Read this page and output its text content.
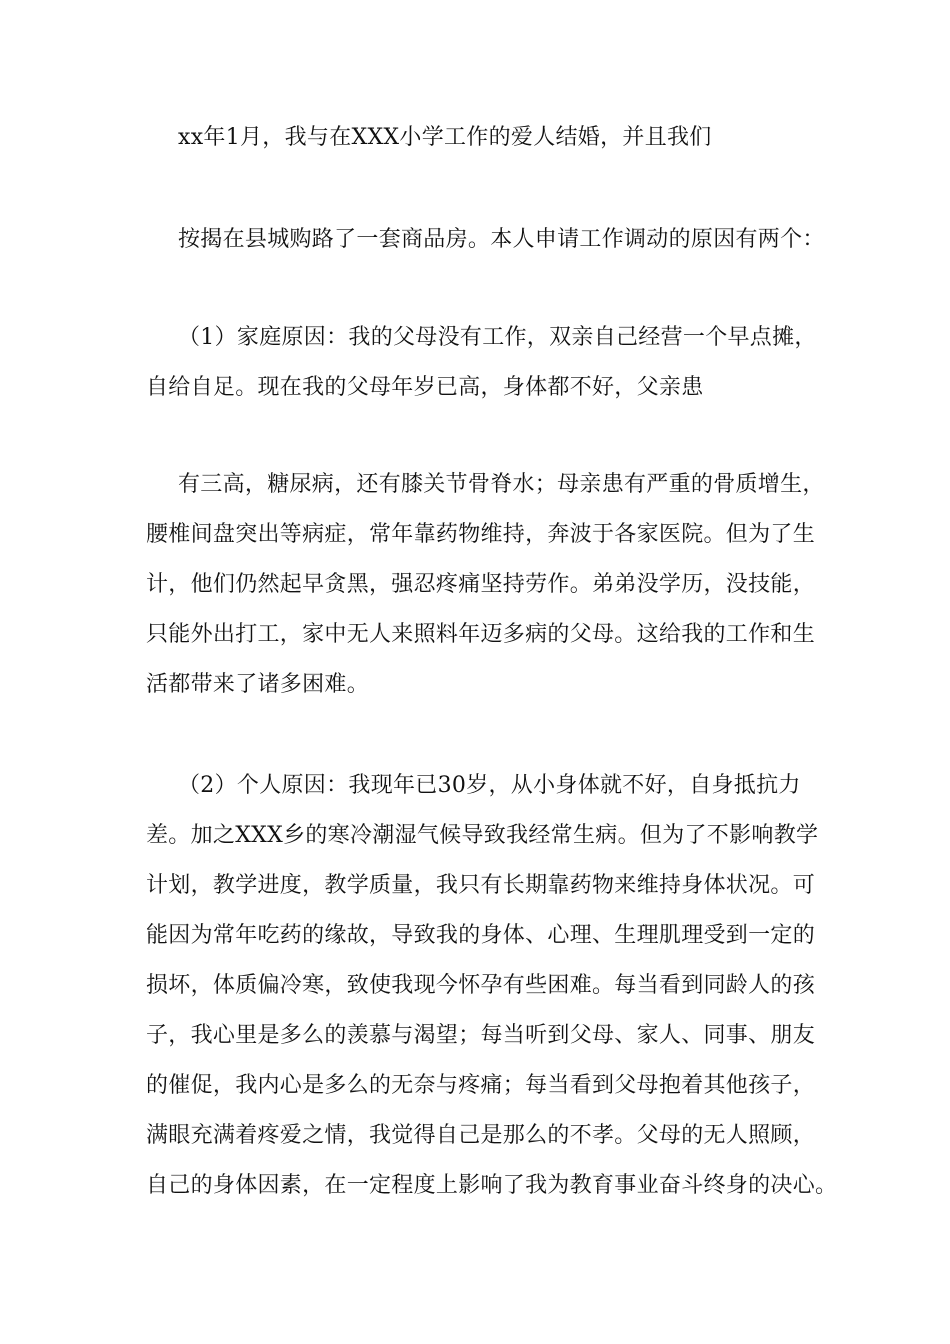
xx年1月，我与在XXX小学工作的爱人结婚，并且我们

按揭在县城购路了一套商品房。本人申请工作调动的原因有两个：

（1）家庭原因：我的父母没有工作，双亲自己经营一个早点摊，

自给自足。现在我的父母年岁已高，身体都不好，父亲患

有三高，糖尿病，还有膝关节骨脊水；母亲患有严重的骨质增生，

腰椎间盘突出等病症，常年靠药物维持，奔波于各家医院。但为了生

计，他们仍然起早贪黑，强忍疼痛坚持劳作。弟弟没学历，没技能，

只能外出打工，家中无人来照料年迈多病的父母。这给我的工作和生

活都带来了诸多困难。

（2）个人原因：我现年已30岁，从小身体就不好，自身抵抗力

差。加之XXX乡的寒冷潮湿气候导致我经常生病。但为了不影响教学

计划，教学进度，教学质量，我只有长期靠药物来维持身体状况。可

能因为常年吃药的缘故，导致我的身体、心理、生理肌理受到一定的

损坏，体质偏冷寒，致使我现今怀孕有些困难。每当看到同龄人的孩

子，我心里是多么的羡慕与渴望；每当听到父母、家人、同事、朋友

的催促，我内心是多么的无奈与疼痛；每当看到父母抱着其他孩子，

满眼充满着疼爱之情，我觉得自己是那么的不孝。父母的无人照顾，

自己的身体因素，在一定程度上影响了我为教育事业奋斗终身的决心。
